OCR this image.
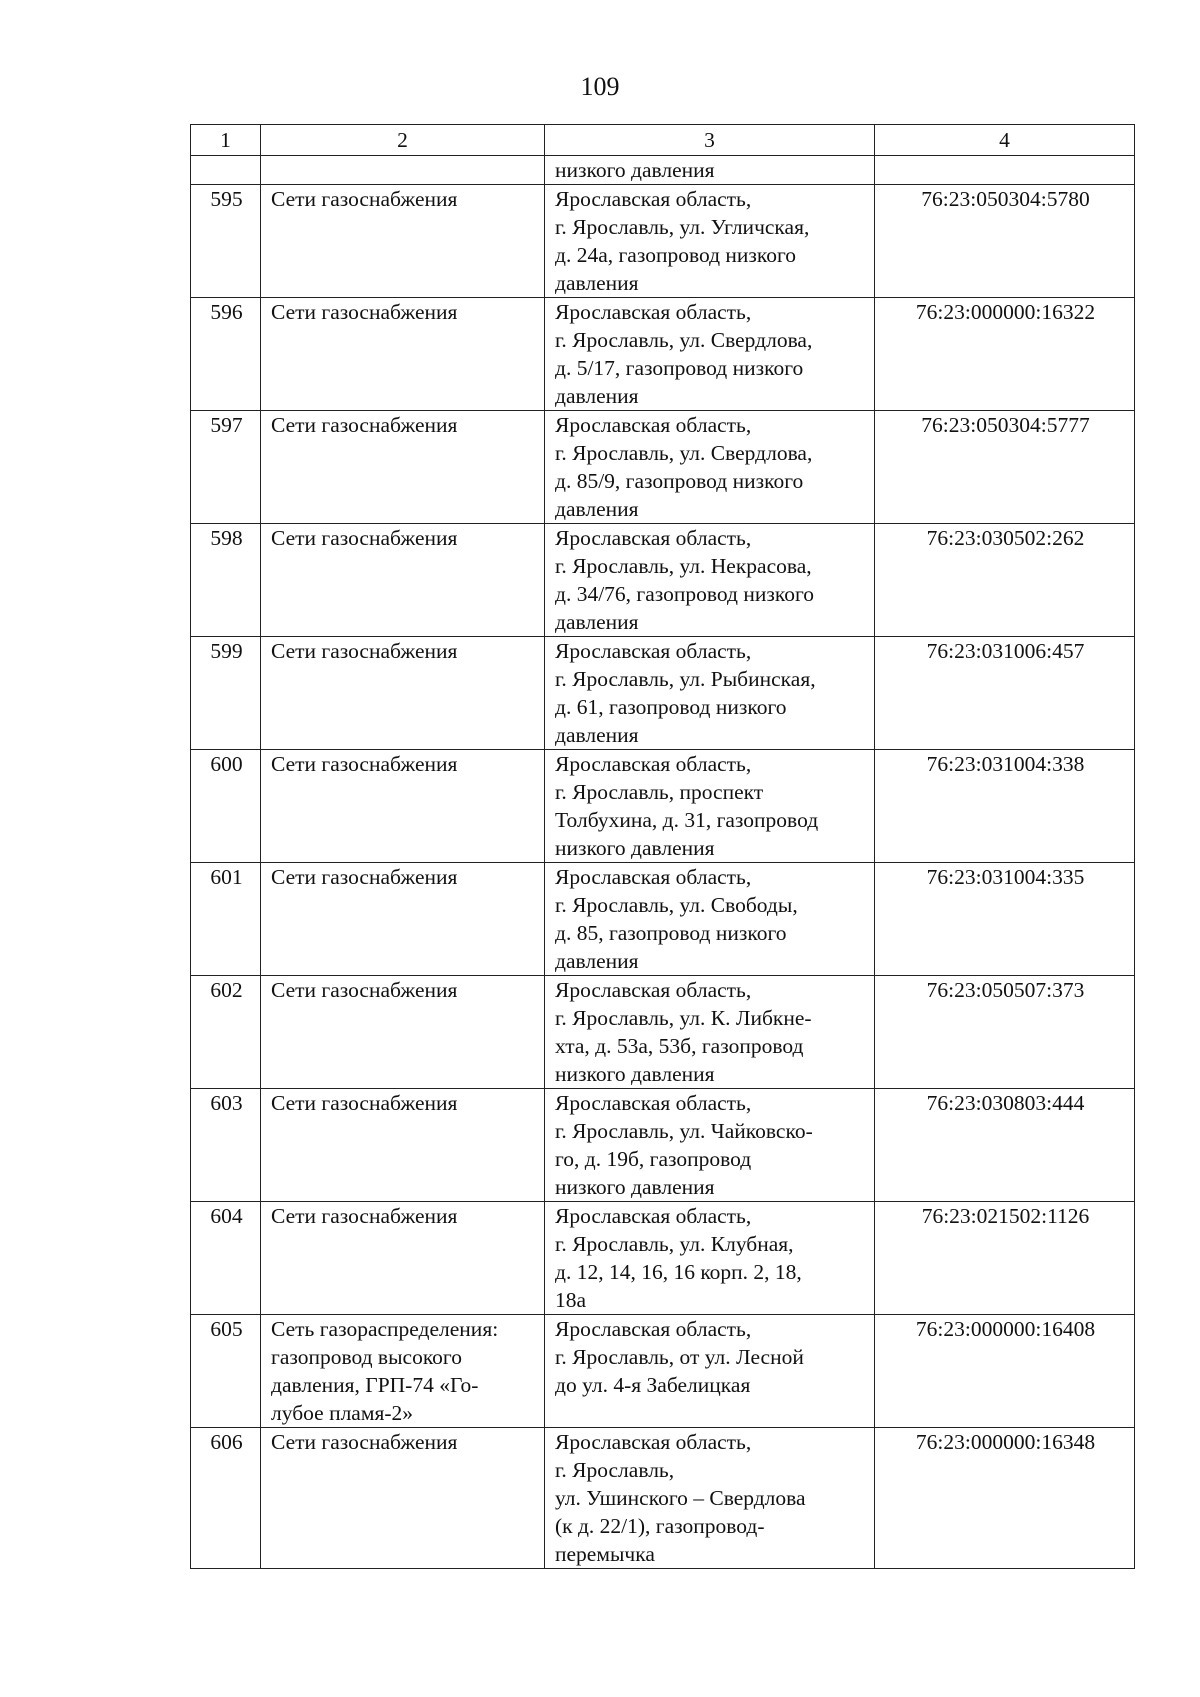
109
1	2	3	4

		низкого давления	

595	Сети газоснабжения	Ярославская область,
г. Ярославль, ул. Угличская,
д. 24а, газопровод низкого
давления	76:23:050304:5780
596	Сети газоснабжения	Ярославская область,
г. Ярославль, ул. Свердлова,
д. 5/17, газопровод низкого
давления	76:23:000000:16322
597	Сети газоснабжения	Ярославская область,
г. Ярославль, ул. Свердлова,
д. 85/9, газопровод низкого
давления	76:23:050304:5777
598	Сети газоснабжения	Ярославская область,
г. Ярославль, ул. Некрасова,
д. 34/76, газопровод низкого
давления	76:23:030502:262
599	Сети газоснабжения	Ярославская область,
г. Ярославль, ул. Рыбинская,
д. 61, газопровод низкого
давления	76:23:031006:457
600	Сети газоснабжения	Ярославская область,
г. Ярославль, проспект
Толбухина, д. 31, газопровод
низкого давления	76:23:031004:338
601	Сети газоснабжения	Ярославская область,
г. Ярославль, ул. Свободы,
д. 85, газопровод низкого
давления	76:23:031004:335
602	Сети газоснабжения	Ярославская область,
г. Ярославль, ул. К. Либкне-
хта, д. 53а, 53б, газопровод
низкого давления	76:23:050507:373
603	Сети газоснабжения	Ярославская область,
г. Ярославль, ул. Чайковско-
го, д. 19б, газопровод
низкого давления	76:23:030803:444
604	Сети газоснабжения	Ярославская область,
г. Ярославль, ул. Клубная,
д. 12, 14, 16, 16 корп. 2, 18,
18а	76:23:021502:1126
605	Сеть газораспределения:
газопровод высокого
давления, ГРП-74 «Го-
лубое пламя-2»	Ярославская область,
г. Ярославль, от ул. Лесной
до ул. 4-я Забелицкая	76:23:000000:16408
606	Сети газоснабжения	Ярославская область,
г. Ярославль,
ул. Ушинского – Свердлова
(к д. 22/1), газопровод-
перемычка	76:23:000000:16348
